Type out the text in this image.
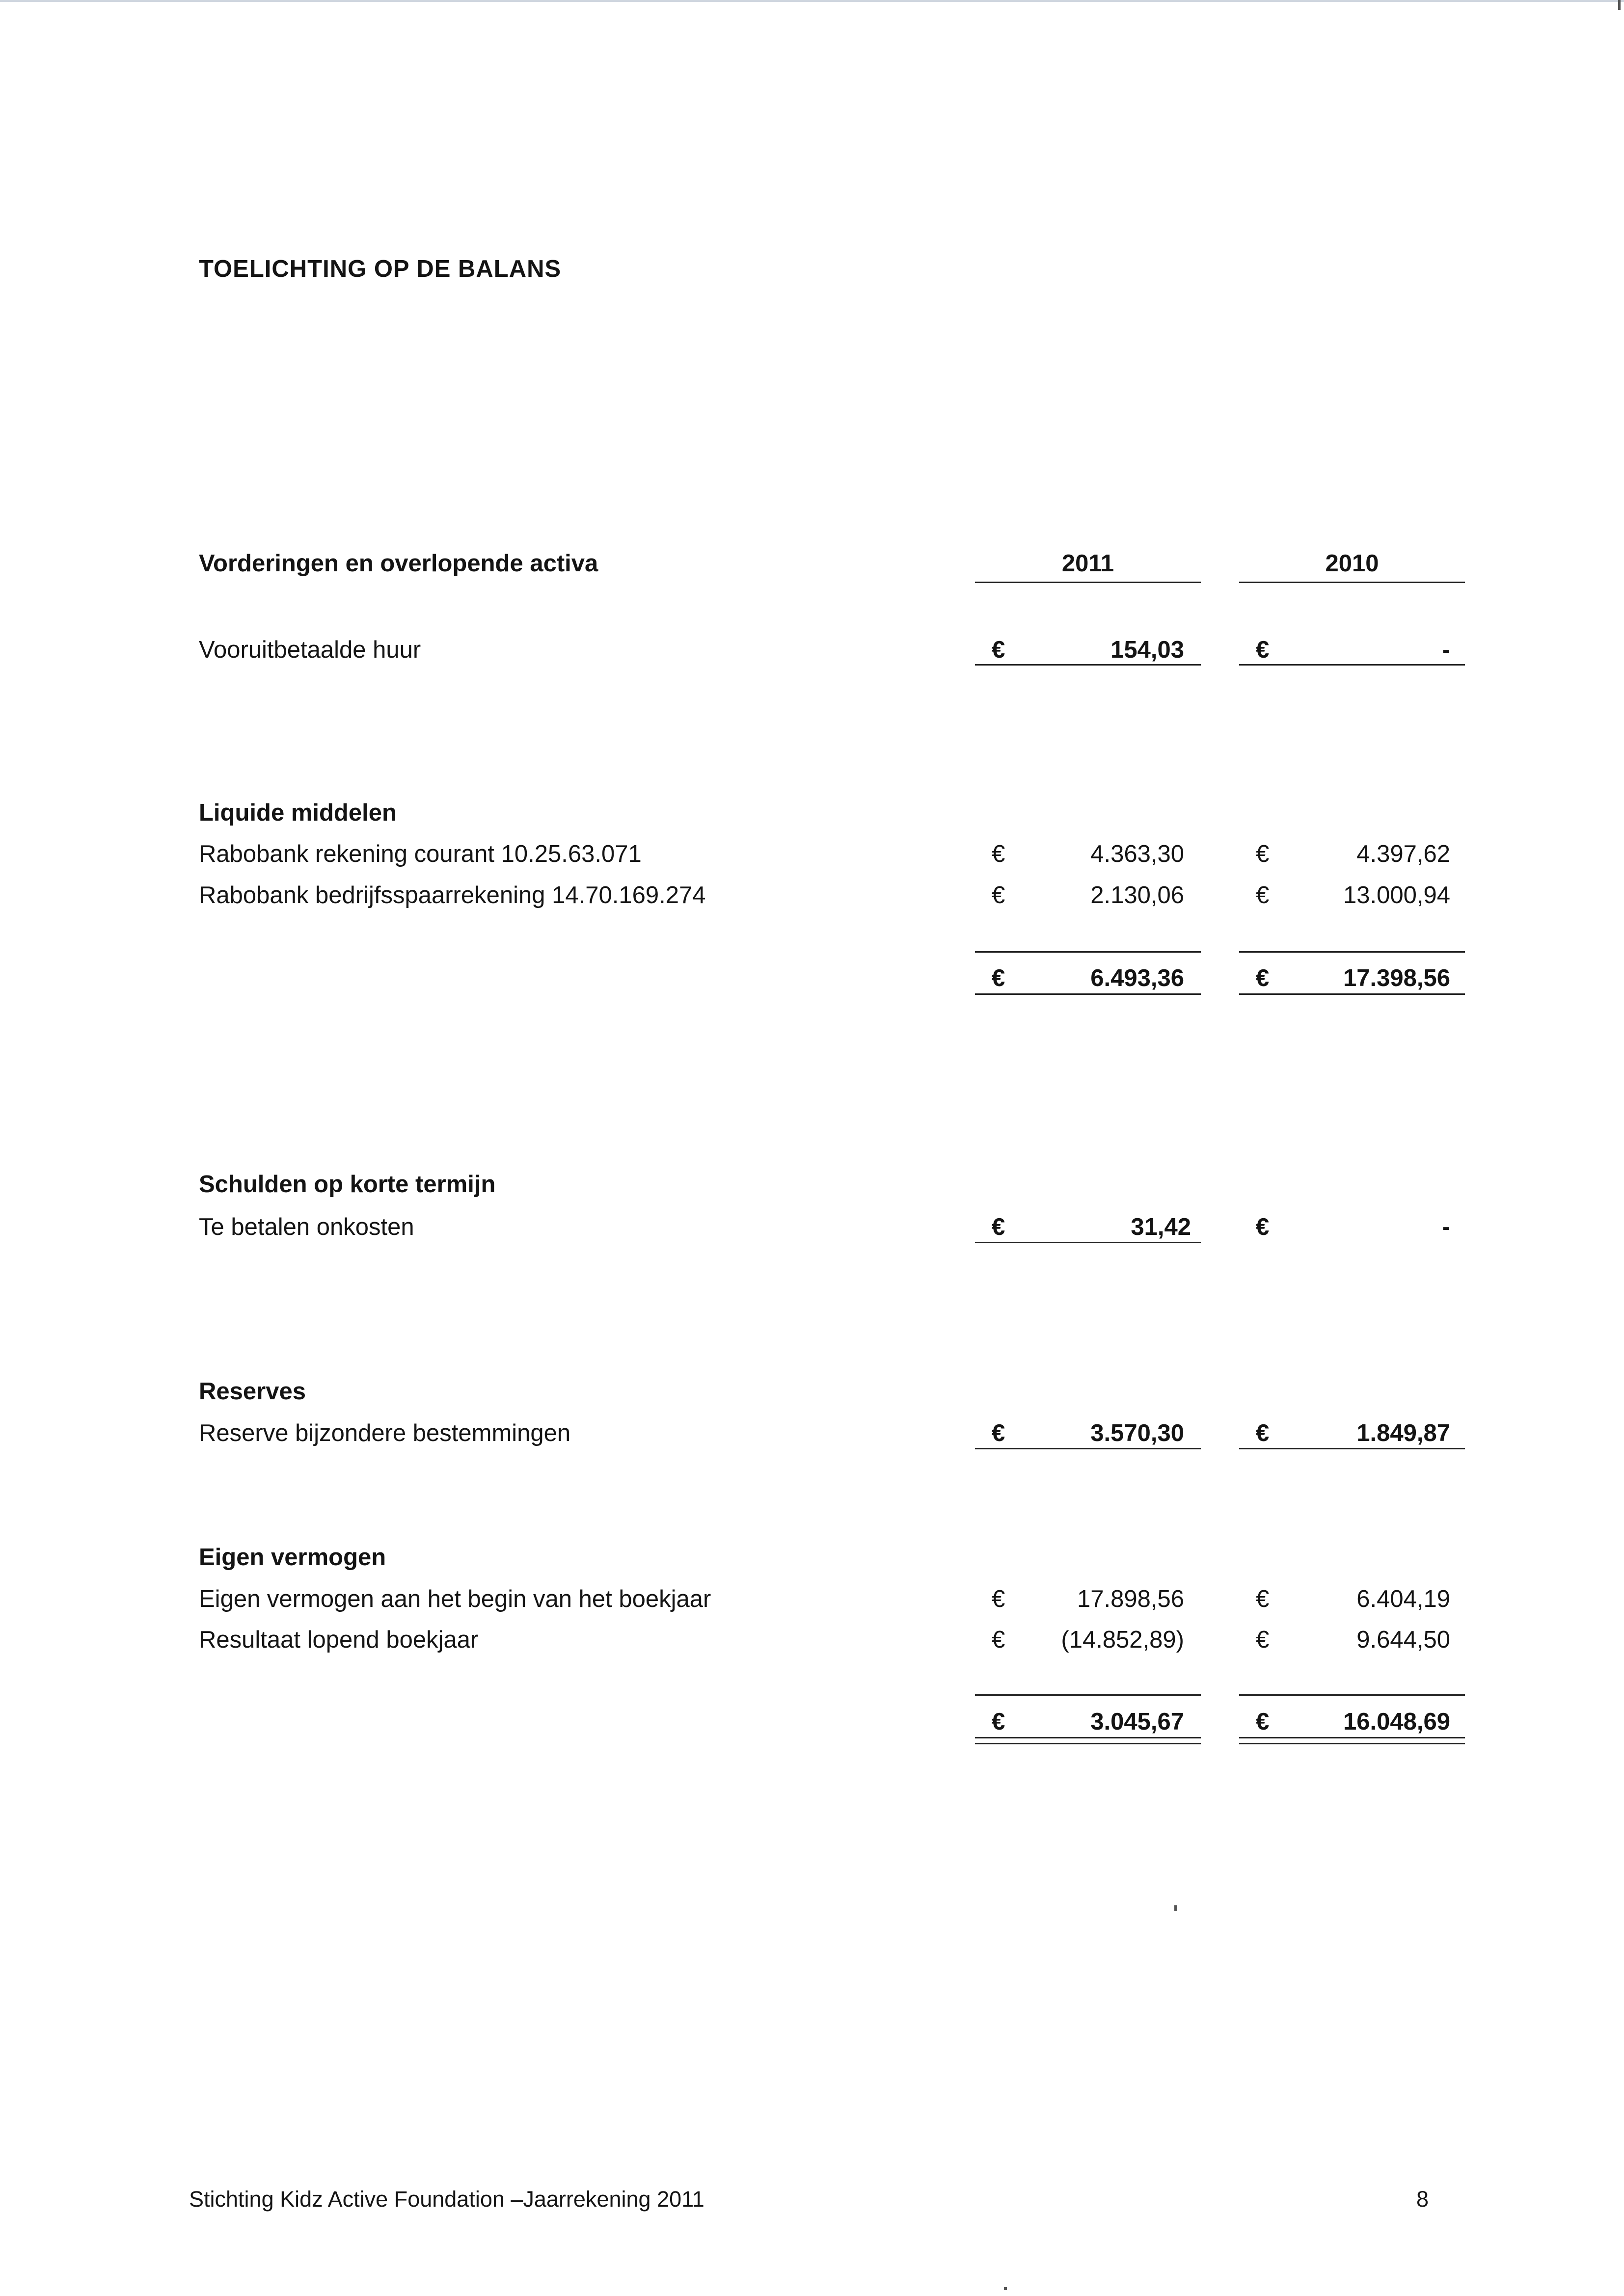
TOELICHTING OP DE BALANS
Vorderingen en overlopende activa	2011	2010
Vooruitbetaalde huur	€	154,03	€	-
Liquide middelen
Rabobank rekening courant 10.25.63.071	€	4.363,30	€	4.397,62
Rabobank bedrijfsspaarrekening 14.70.169.274	€	2.130,06	€	13.000,94
€	6.493,36	€	17.398,56
Schulden op korte termijn
Te betalen onkosten	€	31,42	€	-
Reserves
Reserve bijzondere bestemmingen	€	3.570,30	€	1.849,87
Eigen vermogen
Eigen vermogen aan het begin van het boekjaar	€	17.898,56	€	6.404,19
Resultaat lopend boekjaar	€	(14.852,89)	€	9.644,50
€	3.045,67	€	16.048,69
Stichting Kidz Active Foundation –Jaarrekening 2011	8
